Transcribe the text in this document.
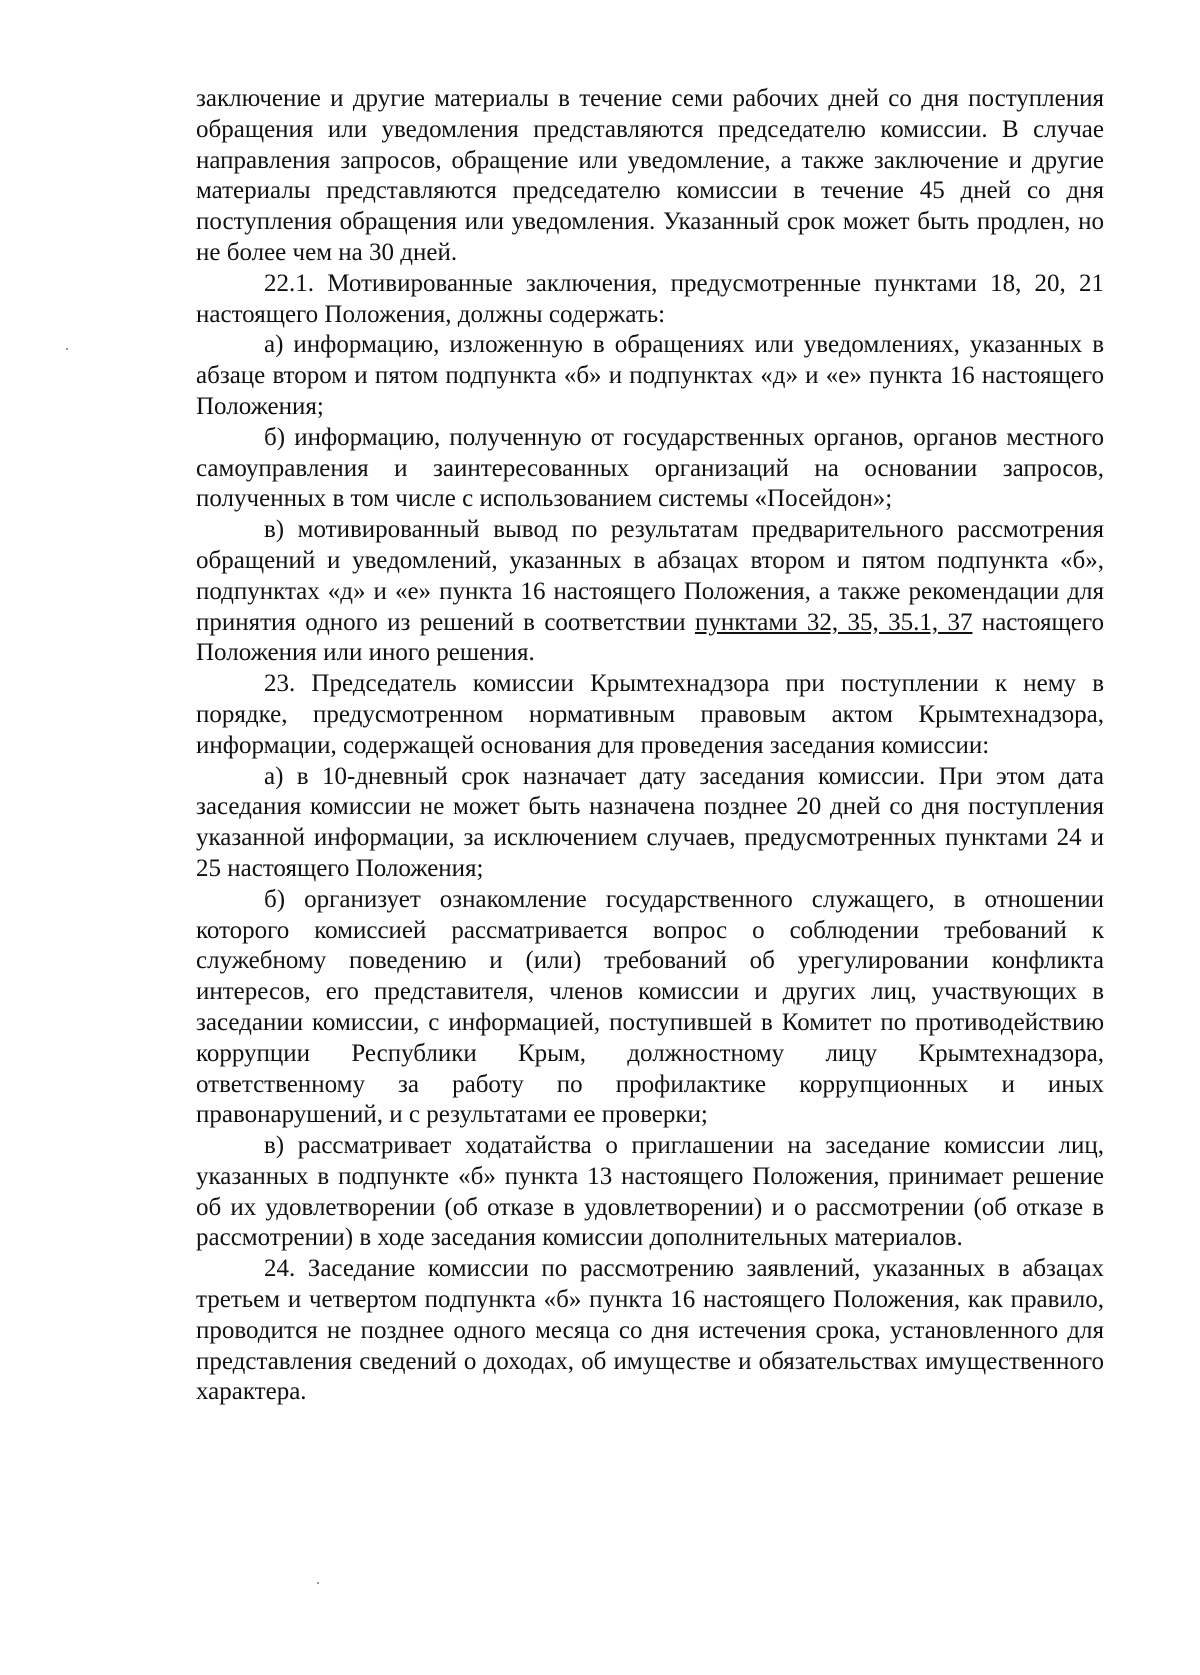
заключение и другие материалы в течение семи рабочих дней со дня поступления обращения или уведомления представляются председателю комиссии. В случае направления запросов, обращение или уведомление, а также заключение и другие материалы представляются председателю комиссии в течение 45 дней со дня поступления обращения или уведомления. Указанный срок может быть продлен, но не более чем на 30 дней.

22.1. Мотивированные заключения, предусмотренные пунктами 18, 20, 21 настоящего Положения, должны содержать:

а) информацию, изложенную в обращениях или уведомлениях, указанных в абзаце втором и пятом подпункта «б» и подпунктах «д» и «е» пункта 16 настоящего Положения;

б) информацию, полученную от государственных органов, органов местного самоуправления и заинтересованных организаций на основании запросов, полученных в том числе с использованием системы «Посейдон»;

в) мотивированный вывод по результатам предварительного рассмотрения обращений и уведомлений, указанных в абзацах втором и пятом подпункта «б», подпунктах «д» и «е» пункта 16 настоящего Положения, а также рекомендации для принятия одного из решений в соответствии пунктами 32, 35, 35.1, 37 настоящего Положения или иного решения.

23. Председатель комиссии Крымтехнадзора при поступлении к нему в порядке, предусмотренном нормативным правовым актом Крымтехнадзора, информации, содержащей основания для проведения заседания комиссии:

а) в 10-дневный срок назначает дату заседания комиссии. При этом дата заседания комиссии не может быть назначена позднее 20 дней со дня поступления указанной информации, за исключением случаев, предусмотренных пунктами 24 и 25 настоящего Положения;

б) организует ознакомление государственного служащего, в отношении которого комиссией рассматривается вопрос о соблюдении требований к служебному поведению и (или) требований об урегулировании конфликта интересов, его представителя, членов комиссии и других лиц, участвующих в заседании комиссии, с информацией, поступившей в Комитет по противодействию коррупции Республики Крым, должностному лицу Крымтехнадзора, ответственному за работу по профилактике коррупционных и иных правонарушений, и с результатами ее проверки;

в) рассматривает ходатайства о приглашении на заседание комиссии лиц, указанных в подпункте «б» пункта 13 настоящего Положения, принимает решение об их удовлетворении (об отказе в удовлетворении) и о рассмотрении (об отказе в рассмотрении) в ходе заседания комиссии дополнительных материалов.

24. Заседание комиссии по рассмотрению заявлений, указанных в абзацах третьем и четвертом подпункта «б» пункта 16 настоящего Положения, как правило, проводится не позднее одного месяца со дня истечения срока, установленного для представления сведений о доходах, об имуществе и обязательствах имущественного характера.
